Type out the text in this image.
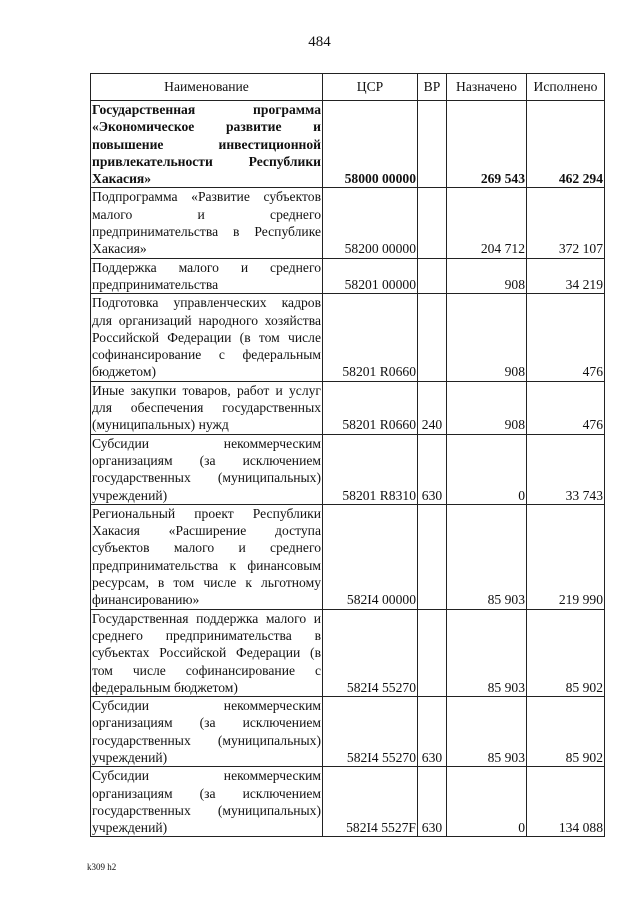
484
Наименование	ЦСР	ВР	Назначено	Исполнено
Государственная программа «Экономическое развитие и повышение инвестиционной привлекательности Республики Хакасия»	58000 00000		269 543	462 294
Подпрограмма «Развитие субъектов малого и среднего предпринимательства в Республике Хакасия»	58200 00000		204 712	372 107
Поддержка малого и среднего предпринимательства	58201 00000		908	34 219
Подготовка управленческих кадров для организаций народного хозяйства Российской Федерации (в том числе софинансирование с федеральным бюджетом)	58201 R0660		908	476
Иные закупки товаров, работ и услуг для обеспечения государственных (муниципальных) нужд	58201 R0660	240	908	476
Субсидии некоммерческим организациям (за исключением государственных (муниципальных) учреждений)	58201 R8310	630	0	33 743
Региональный проект Республики Хакасия «Расширение доступа субъектов малого и среднего предпринимательства к финансовым ресурсам, в том числе к льготному финансированию»	582I4 00000		85 903	219 990
Государственная поддержка малого и среднего предпринимательства в субъектах Российской Федерации (в том числе софинансирование с федеральным бюджетом)	582I4 55270		85 903	85 902
Субсидии некоммерческим организациям (за исключением государственных (муниципальных) учреждений)	582I4 55270	630	85 903	85 902
Субсидии некоммерческим организациям (за исключением государственных (муниципальных) учреждений)	582I4 5527F	630	0	134 088
k309 h2
